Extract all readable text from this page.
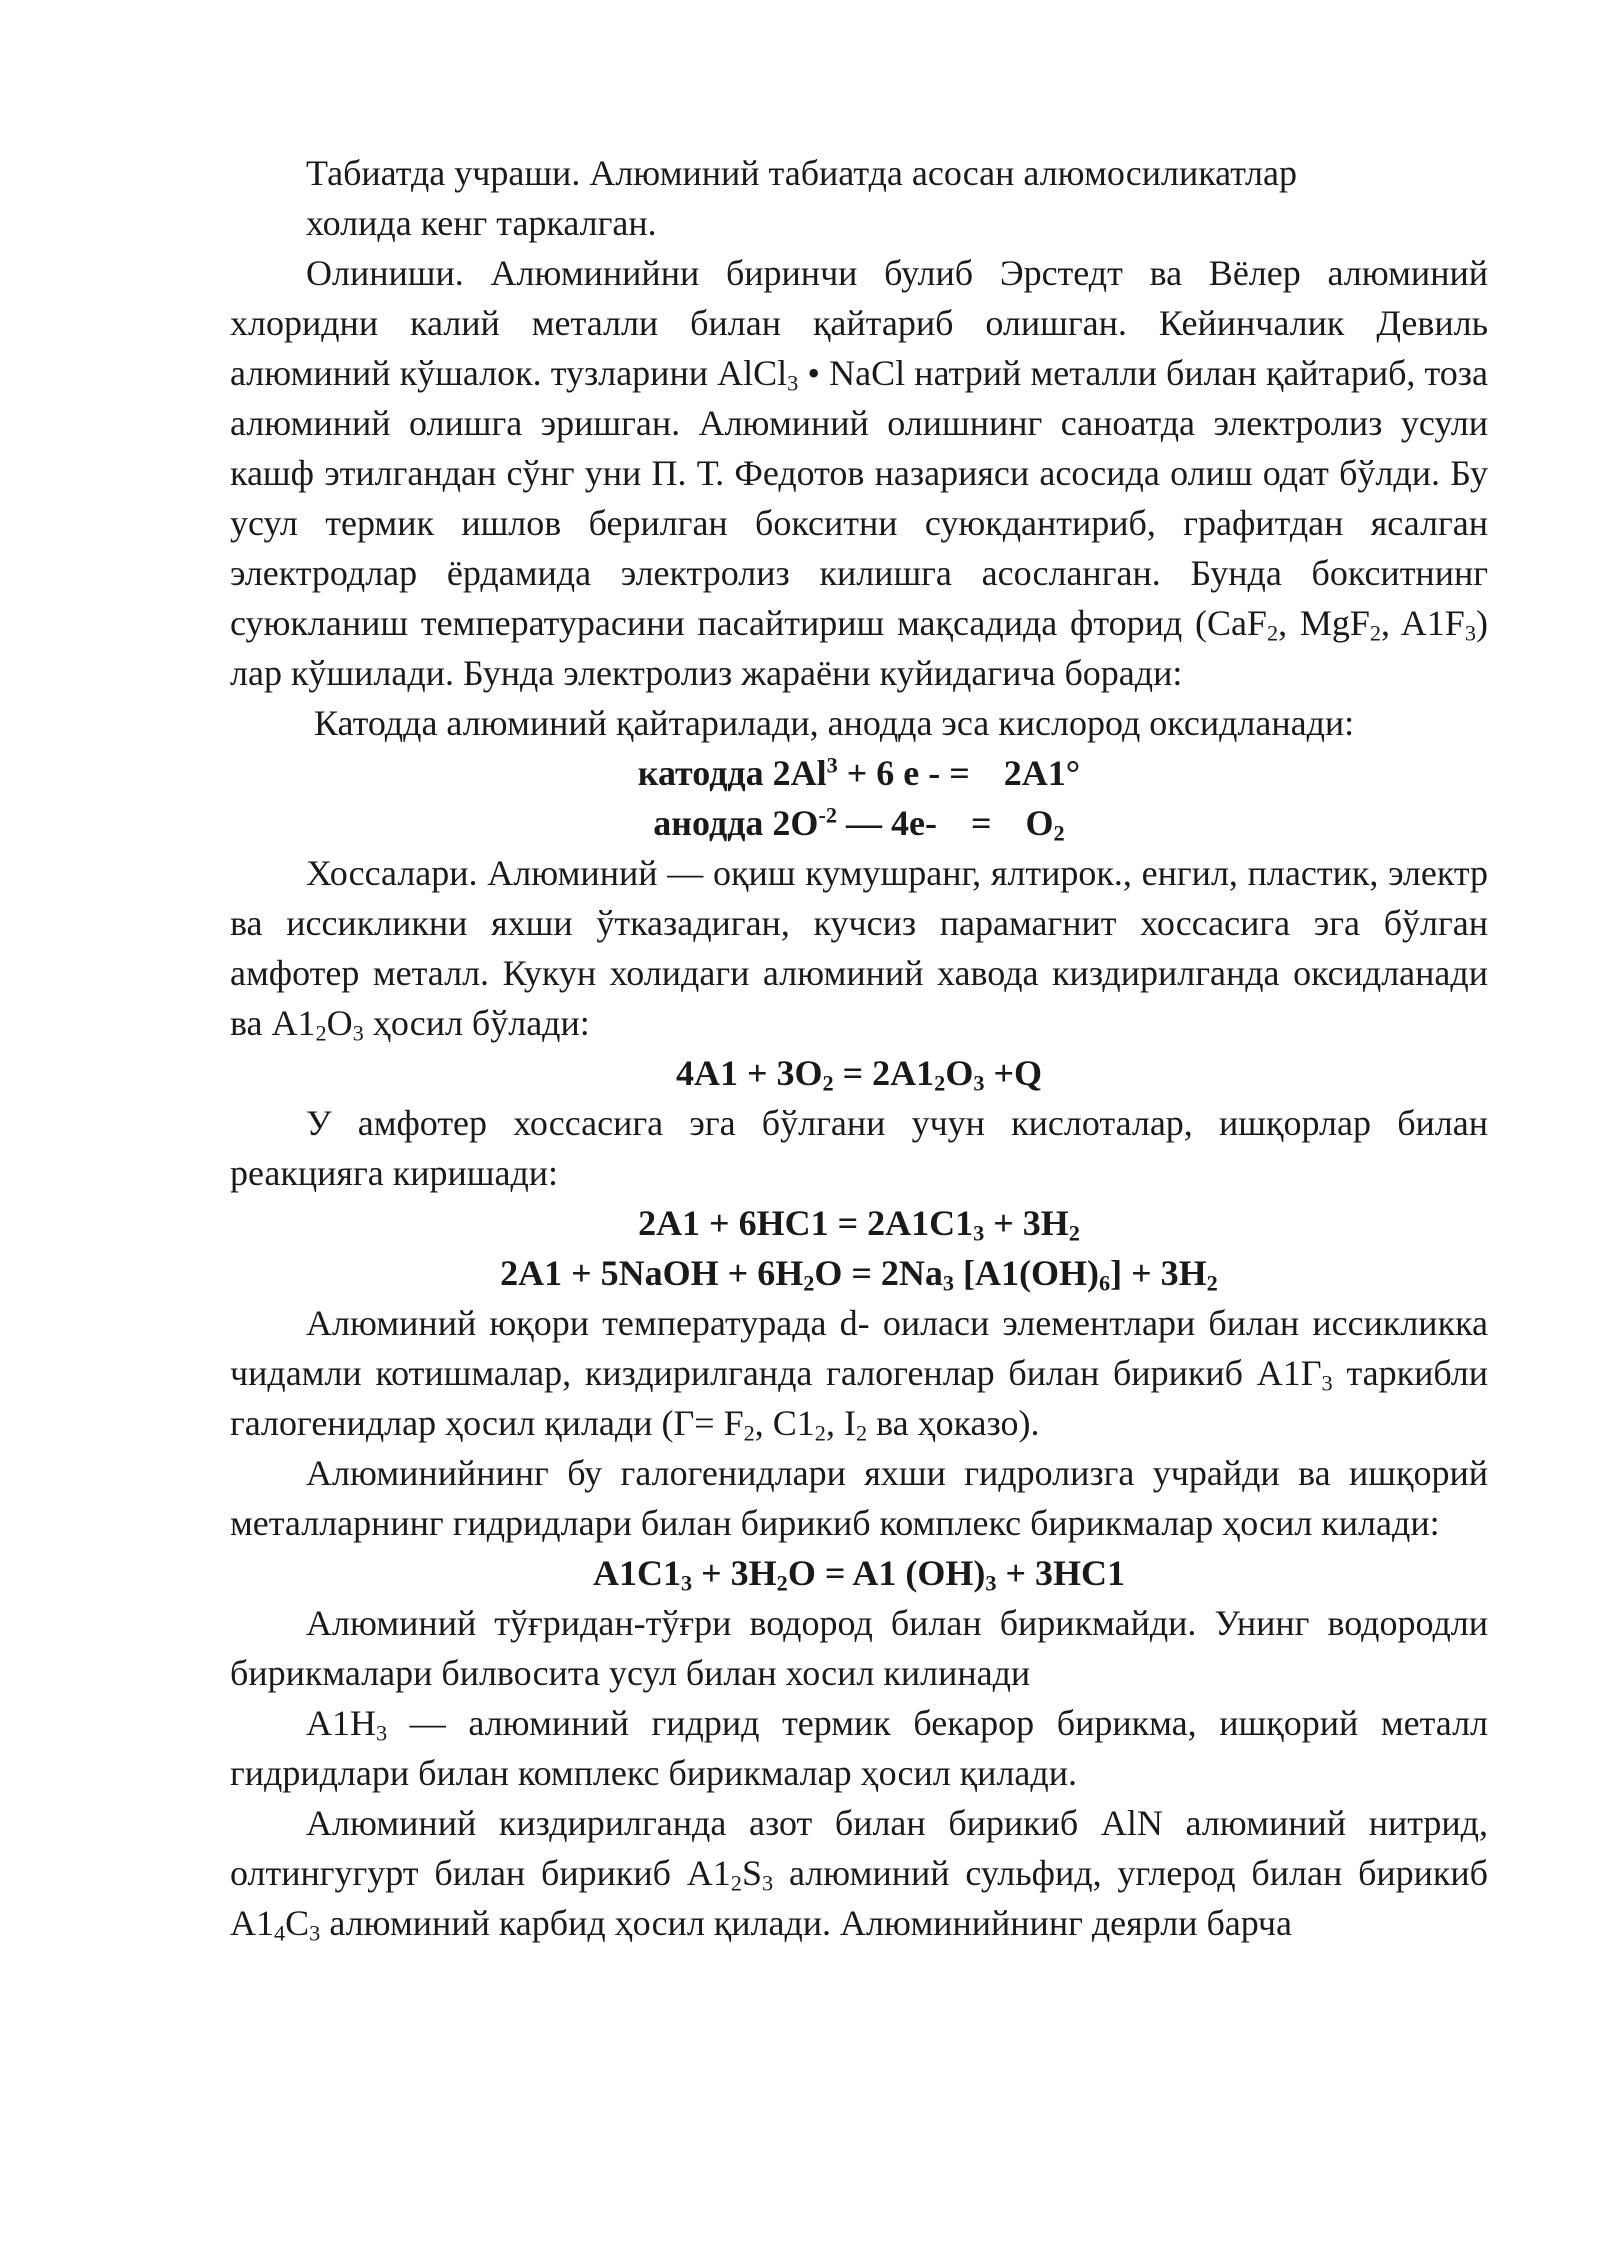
Табиатда учраши. Алюминий табиатда асосан алюмосиликатлар

холида кенг таркалган.

Олиниши. Алюминийни биринчи булиб Эрстедт ва Вёлер алюминий хлоридни калий металли билан қайтариб олишган. Кейинчалик Девиль алюминий кўшалок. тузларини AlCl$_3$ • NaCl натрий металли билан қайтариб, тоза алюминий олишга эришган. Алюминий олишнинг саноатда электролиз усули кашф этилгандан сўнг уни П. Т. Федотов назарияси асосида олиш одат бўлди. Бу усул термик ишлов берилган бокситни суюкдантириб, графитдан ясалган электродлар ёрдамида электролиз килишга асосланган. Бунда бокситнинг суюкланиш температурасини пасайтириш мақсадида фторид (CaF$_2$, MgF$_2$, $A1F_3$) лар кўшилади. Бунда электролиз жараёни куйидагича боради:

Катодда алюминий қайтарилади, анодда эса кислород оксидланади:

катодда $2Al^3 + 6$ е - = 2A1°

анодда $2O^{-2}$ — $4е- = O_2$

Хоссалари. Алюминий — оқиш кумушранг, ялтирок., енгил, пластик, электр ва иссикликни яхши ўтказадиган, кучсиз парамагнит хоссасига эга бўлган амфотер металл. Кукун холидаги алюминий хавода киздирилганда оксидланади ва $A1_2O_3$ ҳосил бўлади:

$4A1 + 3O_2 = 2A1_2O_3 +Q$

У амфотер хоссасига эга бўлгани учун кислоталар, ишқорлар билан реакцияга киришади:

$2A1 + 6HC1 = 2A1C1_3 + 3H_2$

2A1 + 5NaOH + $6H_2O = 2Na_3$ $[A1(OH)_6] + 3H_2$

Алюминий юқори температурада d- оиласи элементлари билан иссикликка чидамли котишмалар, киздирилганда галогенлар билан бирикиб $A1Г_3$ таркибли галогенидлар ҳосил қилади ($Г= F_2$, $C1_2$, $I_2$ ва ҳоказо).

Алюминийнинг бу галогенидлари яхши гидролизга учрайди ва ишқорий металларнинг гидридлари билан бирикиб комплекс бирикмалар ҳосил килади:

$A1C1_3 + 3H_2O = A1$ $(OH)_3 + 3HC1$

Алюминий тўғридан-тўғри водород билан бирикмайди. Унинг водородли бирикмалари билвосита усул билан хосил килинади

$A1H_3$ — алюминий гидрид термик бекарор бирикма, ишқорий металл гидридлари билан комплекс бирикмалар ҳосил қилади.

Алюминий киздирилганда азот билан бирикиб AlN алюминий нитрид, олтингугурт билан бирикиб $A1_2S_3$ алюминий сульфид, углерод билан бирикиб $A1_4C_3$ алюминий карбид ҳосил қилади. Алюминийнинг деярли барча
